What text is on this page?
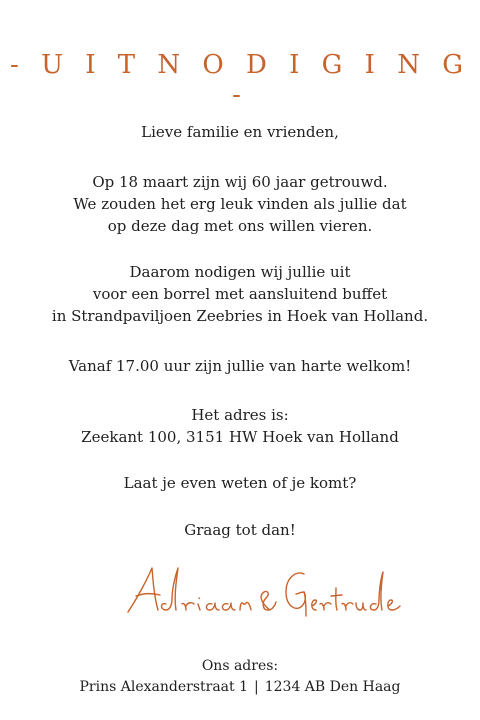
- U I T N O D I G I N G -
Lieve familie en vrienden,
Op 18 maart zijn wij 60 jaar getrouwd.
We zouden het erg leuk vinden als jullie dat
op deze dag met ons willen vieren.
Daarom nodigen wij jullie uit
voor een borrel met aansluitend buffet
in Strandpaviljoen Zeebries in Hoek van Holland.
Vanaf 17.00 uur zijn jullie van harte welkom!
Het adres is:
Zeekant 100, 3151 HW Hoek van Holland
Laat je even weten of je komt?
Graag tot dan!
Ons adres:
Prins Alexanderstraat 1 | 1234 AB Den Haag
